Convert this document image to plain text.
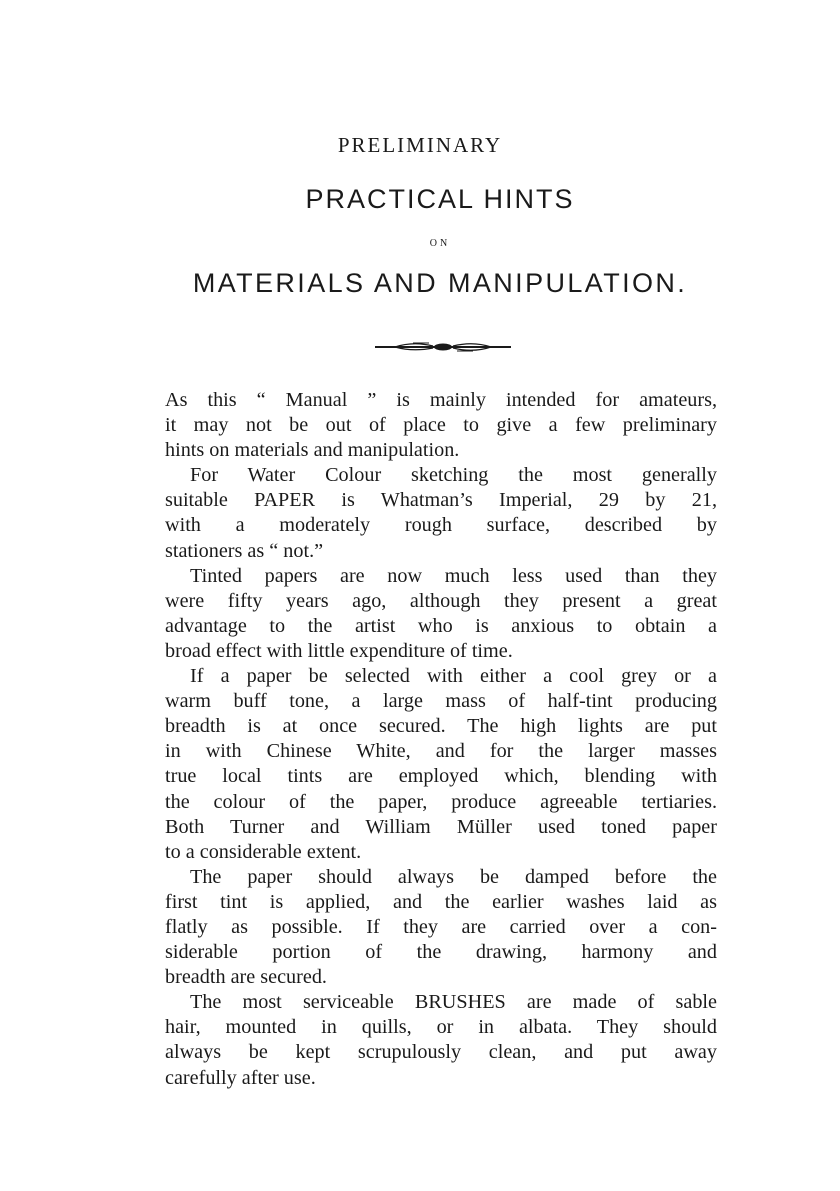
PRELIMINARY
PRACTICAL HINTS
ON
MATERIALS AND MANIPULATION.
As this “ Manual ” is mainly intended for amateurs,
it may not be out of place to give a few preliminary
hints on materials and manipulation.
For Water Colour sketching the most generally
suitable PAPER is Whatman’s Imperial, 29 by 21,
with a moderately rough surface, described by
stationers as “ not.”
Tinted papers are now much less used than they
were fifty years ago, although they present a great
advantage to the artist who is anxious to obtain a
broad effect with little expenditure of time.
If a paper be selected with either a cool grey or a
warm buff tone, a large mass of half-tint producing
breadth is at once secured. The high lights are put
in with Chinese White, and for the larger masses
true local tints are employed which, blending with
the colour of the paper, produce agreeable tertiaries.
Both Turner and William Müller used toned paper
to a considerable extent.
The paper should always be damped before the
first tint is applied, and the earlier washes laid as
flatly as possible. If they are carried over a con-
siderable portion of the drawing, harmony and
breadth are secured.
The most serviceable BRUSHES are made of sable
hair, mounted in quills, or in albata. They should
always be kept scrupulously clean, and put away
carefully after use.
